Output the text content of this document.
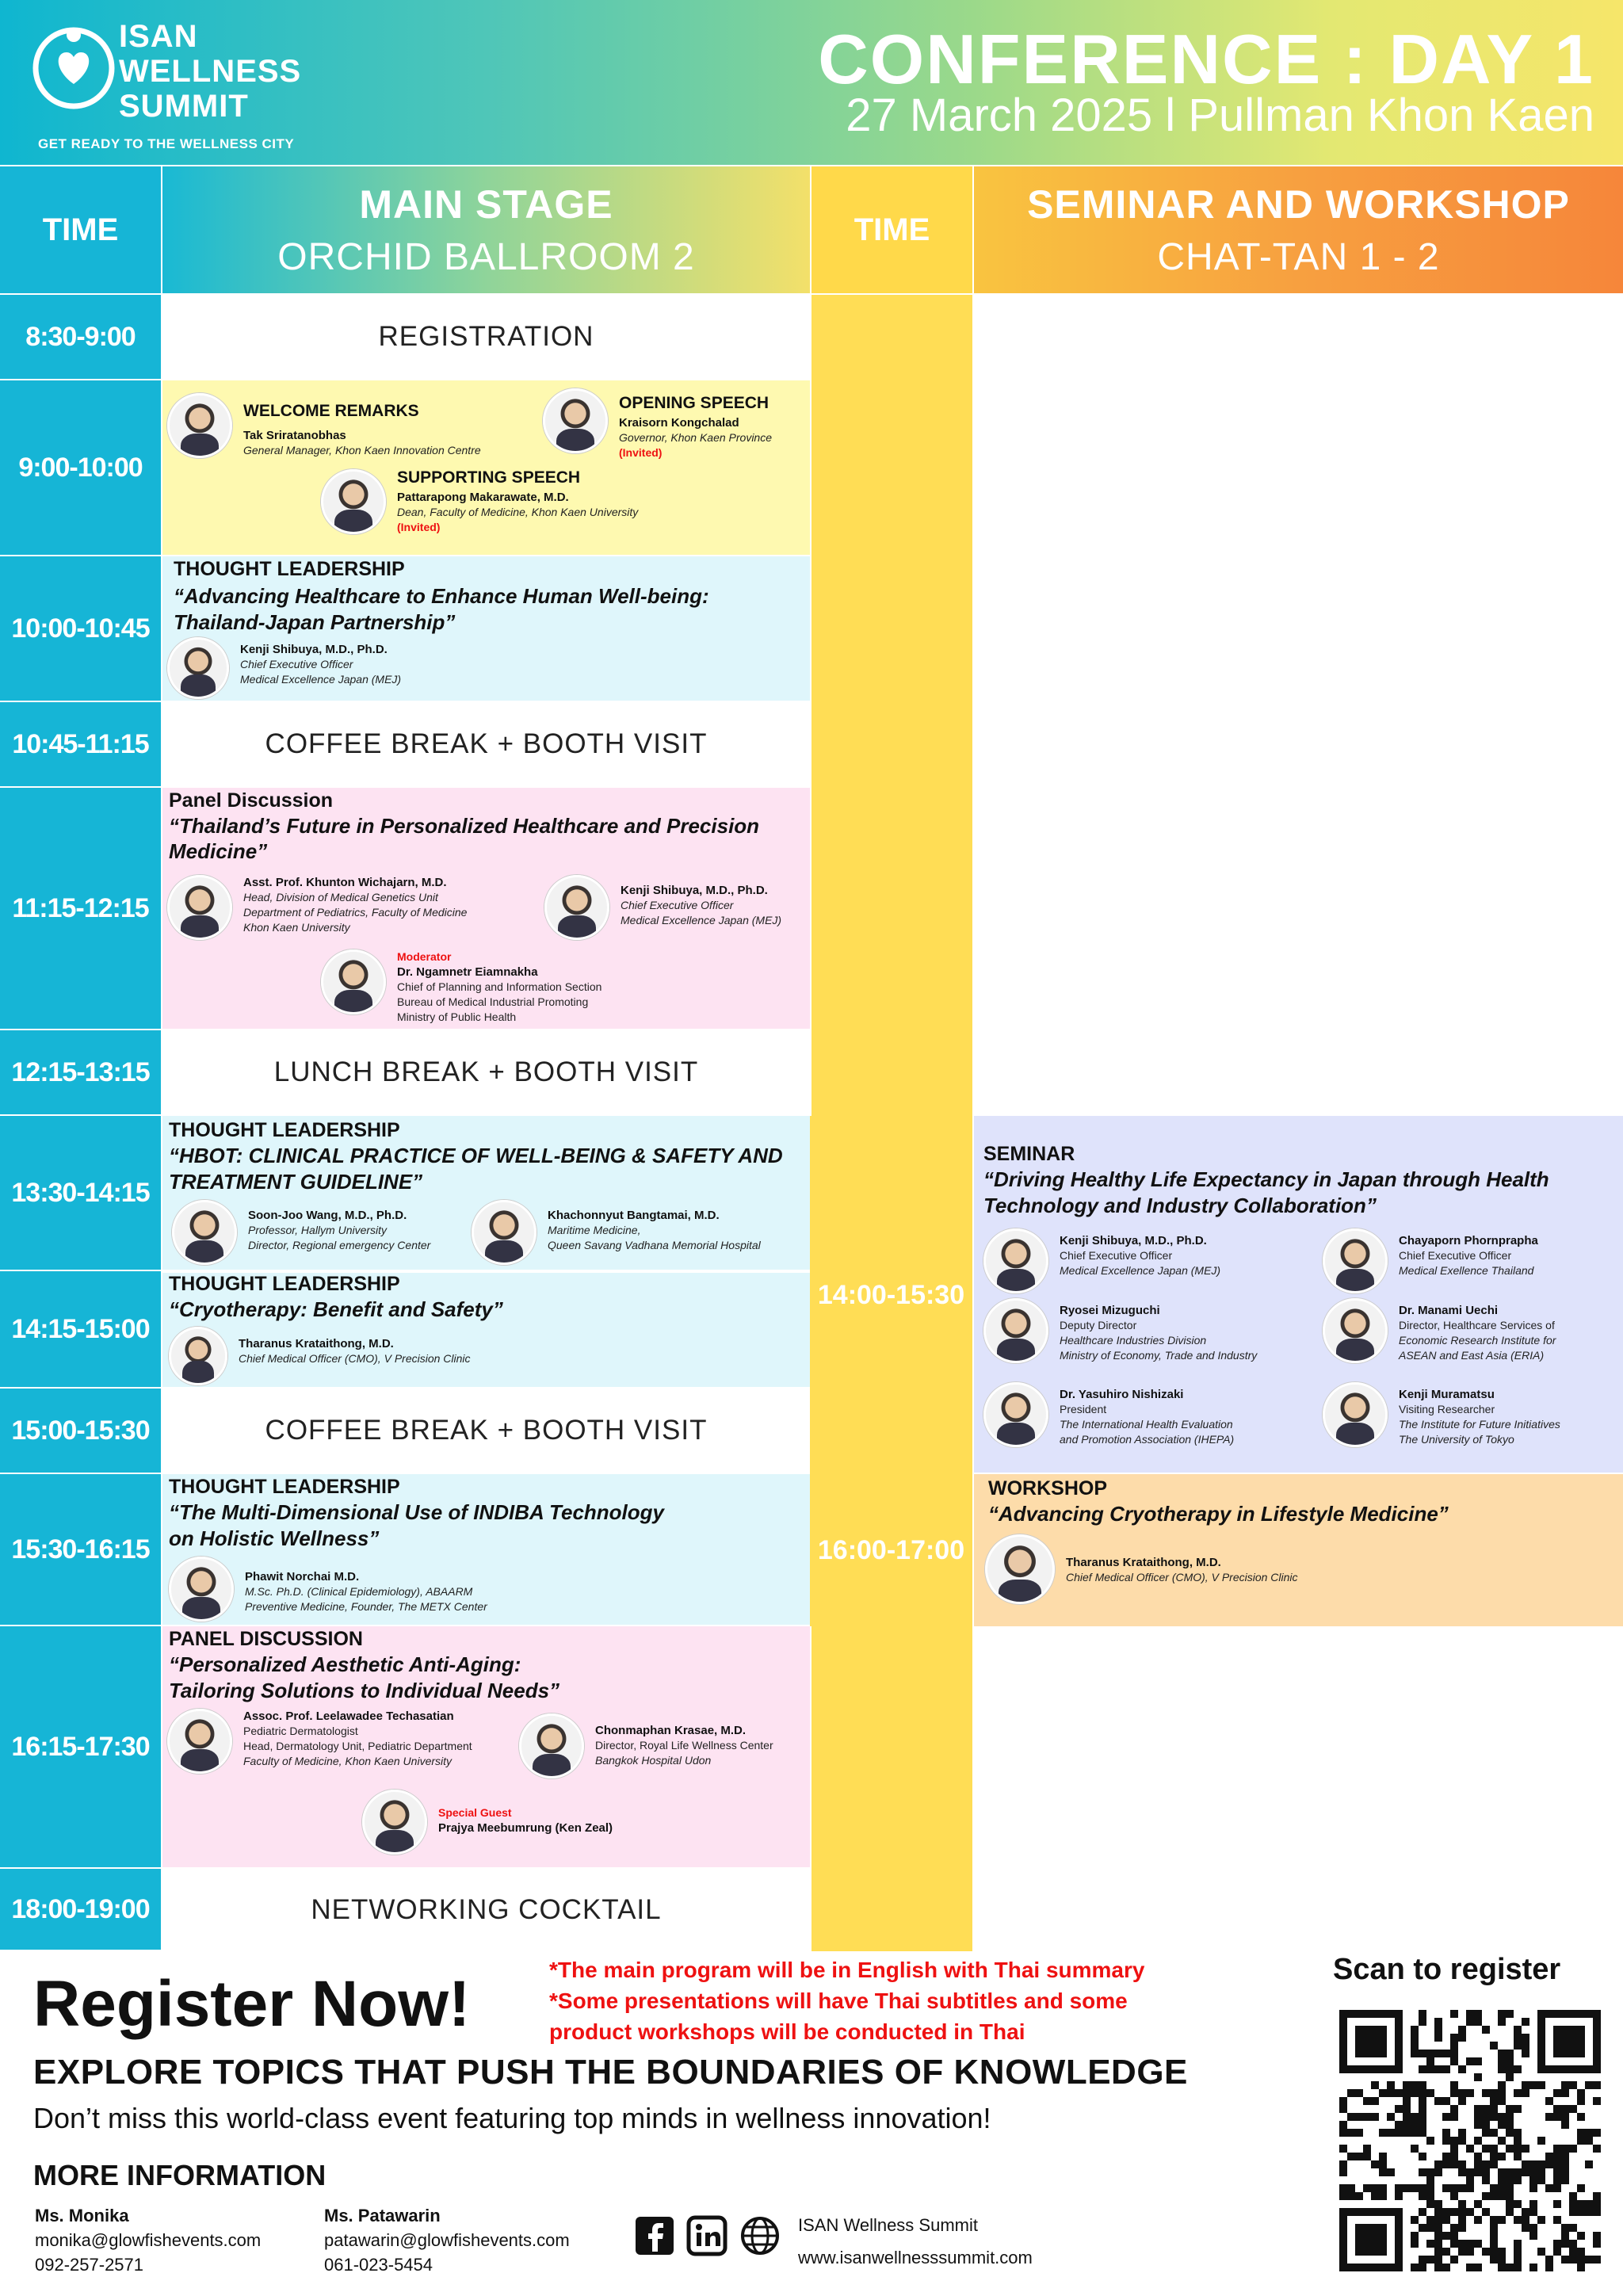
ISAN
WELLNESS
SUMMIT
GET READY TO THE WELLNESS CITY
CONFERENCE : DAY 1
27 March 2025 l Pullman Khon Kaen
TIME
MAIN STAGE
ORCHID BALLROOM 2
TIME
SEMINAR AND WORKSHOP
CHAT-TAN 1 - 2
8:30-9:00
9:00-10:00
10:00-10:45
10:45-11:15
11:15-12:15
12:15-13:15
13:30-14:15
14:15-15:00
15:00-15:30
15:30-16:15
16:15-17:30
18:00-19:00
14:00-15:30
16:00-17:00
REGISTRATION
WELCOME REMARKS
Tak Sriratanobhas
General Manager, Khon Kaen Innovation Centre
OPENING SPEECH
Kraisorn Kongchalad
Governor, Khon Kaen Province
(Invited)
SUPPORTING SPEECH
Pattarapong Makarawate, M.D.
Dean, Faculty of Medicine, Khon Kaen University
(Invited)
THOUGHT LEADERSHIP
“Advancing Healthcare to Enhance Human Well-being:
Thailand-Japan Partnership”
Kenji Shibuya, M.D., Ph.D.
Chief Executive Officer
Medical Excellence Japan (MEJ)
COFFEE BREAK + BOOTH VISIT
Panel Discussion
“Thailand’s Future in Personalized Healthcare and Precision
Medicine”
Asst. Prof. Khunton Wichajarn, M.D.
Head, Division of Medical Genetics Unit
Department of Pediatrics, Faculty of Medicine
Khon Kaen University
Kenji Shibuya, M.D., Ph.D.
Chief Executive Officer
Medical Excellence Japan (MEJ)
Moderator
Dr. Ngamnetr Eiamnakha
Chief of Planning and Information Section
Bureau of Medical Industrial Promoting
Ministry of Public Health
LUNCH BREAK + BOOTH VISIT
THOUGHT LEADERSHIP
“HBOT: CLINICAL PRACTICE OF WELL-BEING & SAFETY AND
TREATMENT GUIDELINE”
Soon-Joo Wang, M.D., Ph.D.
Professor, Hallym University
Director, Regional emergency Center
Khachonnyut Bangtamai, M.D.
Maritime Medicine,
Queen Savang Vadhana Memorial Hospital
THOUGHT LEADERSHIP
“Cryotherapy: Benefit and Safety”
Tharanus Krataithong, M.D.
Chief Medical Officer (CMO), V Precision Clinic
COFFEE BREAK + BOOTH VISIT
THOUGHT LEADERSHIP
“The Multi-Dimensional Use of INDIBA Technology
on Holistic Wellness”
Phawit Norchai M.D.
M.Sc. Ph.D. (Clinical Epidemiology), ABAARM
Preventive Medicine, Founder, The METX Center
PANEL DISCUSSION
“Personalized Aesthetic Anti-Aging:
Tailoring Solutions to Individual Needs”
Assoc. Prof. Leelawadee Techasatian
Pediatric Dermatologist
Head, Dermatology Unit, Pediatric Department
Faculty of Medicine, Khon Kaen University
Chonmaphan Krasae, M.D.
Director, Royal Life Wellness Center
Bangkok Hospital Udon
Special Guest
Prajya Meebumrung (Ken Zeal)
NETWORKING COCKTAIL
SEMINAR
“Driving Healthy Life Expectancy in Japan through Health
Technology and Industry Collaboration”
Kenji Shibuya, M.D., Ph.D.
Chief Executive Officer
Medical Excellence Japan (MEJ)
Chayaporn Phornprapha
Chief Executive Officer
Medical Exellence Thailand
Ryosei Mizuguchi
Deputy Director
Healthcare Industries Division
Ministry of Economy, Trade and Industry
Dr. Manami Uechi
Director, Healthcare Services of
Economic Research Institute for
ASEAN and East Asia (ERIA)
Dr. Yasuhiro Nishizaki
President
The International Health Evaluation
and Promotion Association (IHEPA)
Kenji Muramatsu
Visiting Researcher
The Institute for Future Initiatives
The University of Tokyo
WORKSHOP
“Advancing Cryotherapy in Lifestyle Medicine”
Tharanus Krataithong, M.D.
Chief Medical Officer (CMO), V Precision Clinic
Register Now!	*The main program will be in English with Thai summary
*Some presentations will have Thai subtitles and some
product workshops will be conducted in Thai
EXPLORE TOPICS THAT PUSH THE BOUNDARIES OF KNOWLEDGE
Don’t miss this world-class event featuring top minds in wellness innovation!
MORE INFORMATION
Ms. Monika
monika@glowfishevents.com
092-257-2571
Ms. Patawarin
patawarin@glowfishevents.com
061-023-5454

ISAN Wellness Summit
www.isanwellnesssummit.com
Scan to register
